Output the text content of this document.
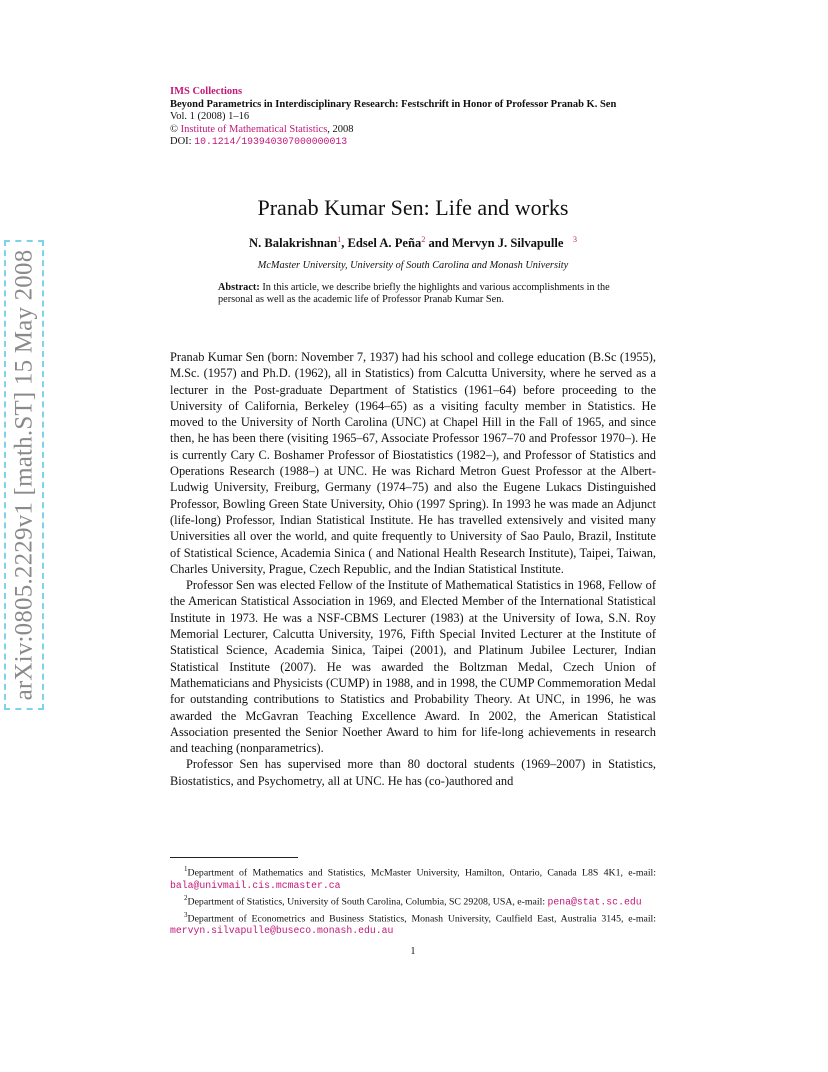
arXiv:0805.2229v1 [math.ST] 15 May 2008
IMS Collections
Beyond Parametrics in Interdisciplinary Research: Festschrift in Honor of Professor Pranab K. Sen
Vol. 1 (2008) 1–16
© Institute of Mathematical Statistics, 2008
DOI: 10.1214/193940307000000013
Pranab Kumar Sen: Life and works
N. Balakrishnan$^1$, Edsel A. Peña$^2$ and Mervyn J. Silvapulle $^3$
McMaster University, University of South Carolina and Monash University
Abstract: In this article, we describe briefly the highlights and various accomplishments in the personal as well as the academic life of Professor Pranab Kumar Sen.

Pranab Kumar Sen (born: November 7, 1937) had his school and college education (B.Sc (1955), M.Sc. (1957) and Ph.D. (1962), all in Statistics) from Calcutta University, where he served as a lecturer in the Post-graduate Department of Statistics (1961–64) before proceeding to the University of California, Berkeley (1964–65) as a visiting faculty member in Statistics. He moved to the University of North Carolina (UNC) at Chapel Hill in the Fall of 1965, and since then, he has been there (visiting 1965–67, Associate Professor 1967–70 and Professor 1970–). He is currently Cary C. Boshamer Professor of Biostatistics (1982–), and Professor of Statistics and Operations Research (1988–) at UNC. He was Richard Metron Guest Professor at the Albert-Ludwig University, Freiburg, Germany (1974–75) and also the Eugene Lukacs Distinguished Professor, Bowling Green State University, Ohio (1997 Spring). In 1993 he was made an Adjunct (life-long) Professor, Indian Statistical Institute. He has travelled extensively and visited many Universities all over the world, and quite frequently to University of Sao Paulo, Brazil, Institute of Statistical Science, Academia Sinica ( and National Health Research Institute), Taipei, Taiwan, Charles University, Prague, Czech Republic, and the Indian Statistical Institute.

Professor Sen was elected Fellow of the Institute of Mathematical Statistics in 1968, Fellow of the American Statistical Association in 1969, and Elected Member of the International Statistical Institute in 1973. He was a NSF-CBMS Lecturer (1983) at the University of Iowa, S.N. Roy Memorial Lecturer, Calcutta University, 1976, Fifth Special Invited Lecturer at the Institute of Statistical Science, Academia Sinica, Taipei (2001), and Platinum Jubilee Lecturer, Indian Statistical Institute (2007). He was awarded the Boltzman Medal, Czech Union of Mathematicians and Physicists (CUMP) in 1988, and in 1998, the CUMP Commemoration Medal for outstanding contributions to Statistics and Probability Theory. At UNC, in 1996, he was awarded the McGavran Teaching Excellence Award. In 2002, the American Statistical Association presented the Senior Noether Award to him for life-long achievements in research and teaching (nonparametrics).

Professor Sen has supervised more than 80 doctoral students (1969–2007) in Statistics, Biostatistics, and Psychometry, all at UNC. He has (co-)authored and

$^1$Department of Mathematics and Statistics, McMaster University, Hamilton, Ontario, Canada L8S 4K1, e-mail: bala@univmail.cis.mcmaster.ca

$^2$Department of Statistics, University of South Carolina, Columbia, SC 29208, USA, e-mail: pena@stat.sc.edu

$^3$Department of Econometrics and Business Statistics, Monash University, Caulfield East, Australia 3145, e-mail: mervyn.silvapulle@buseco.monash.edu.au

1
